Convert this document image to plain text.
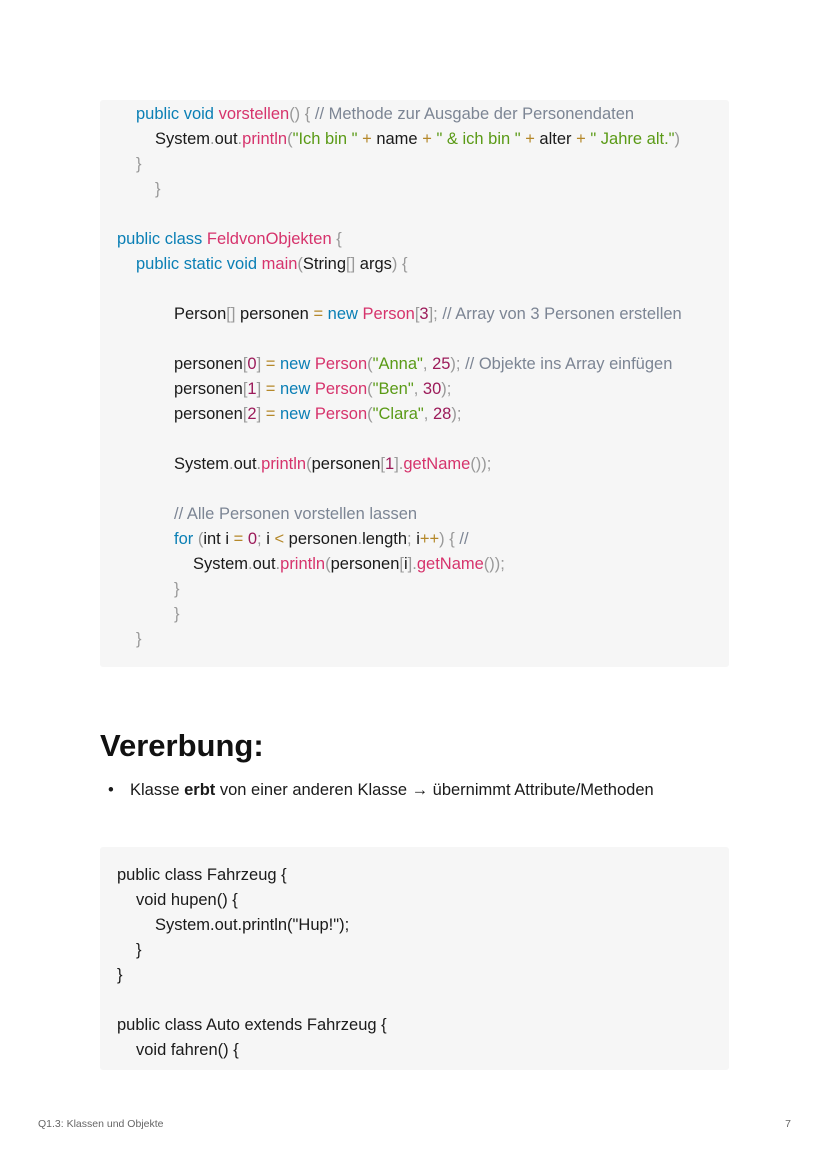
public void vorstellen() { // Methode zur Ausgabe der Personendaten
System.out.println("Ich bin " + name + " & ich bin " + alter + " Jahre alt.")
}
}
public class FeldvonObjekten {
public static void main(String[] args) {
Person[] personen = new Person[3]; // Array von 3 Personen erstellen
personen[0] = new Person("Anna", 25); // Objekte ins Array einfügen
personen[1] = new Person("Ben", 30);
personen[2] = new Person("Clara", 28);
System.out.println(personen[1].getName());
// Alle Personen vorstellen lassen
for (int i = 0; i < personen.length; i++) { //
System.out.println(personen[i].getName());
}
}
}
Vererbung:
• Klasse erbt von einer anderen Klasse → übernimmt Attribute/Methoden
public class Fahrzeug {
void hupen() {
System.out.println("Hup!");
}
}
public class Auto extends Fahrzeug {
void fahren() {
Q1.3: Klassen und Objekte	7
